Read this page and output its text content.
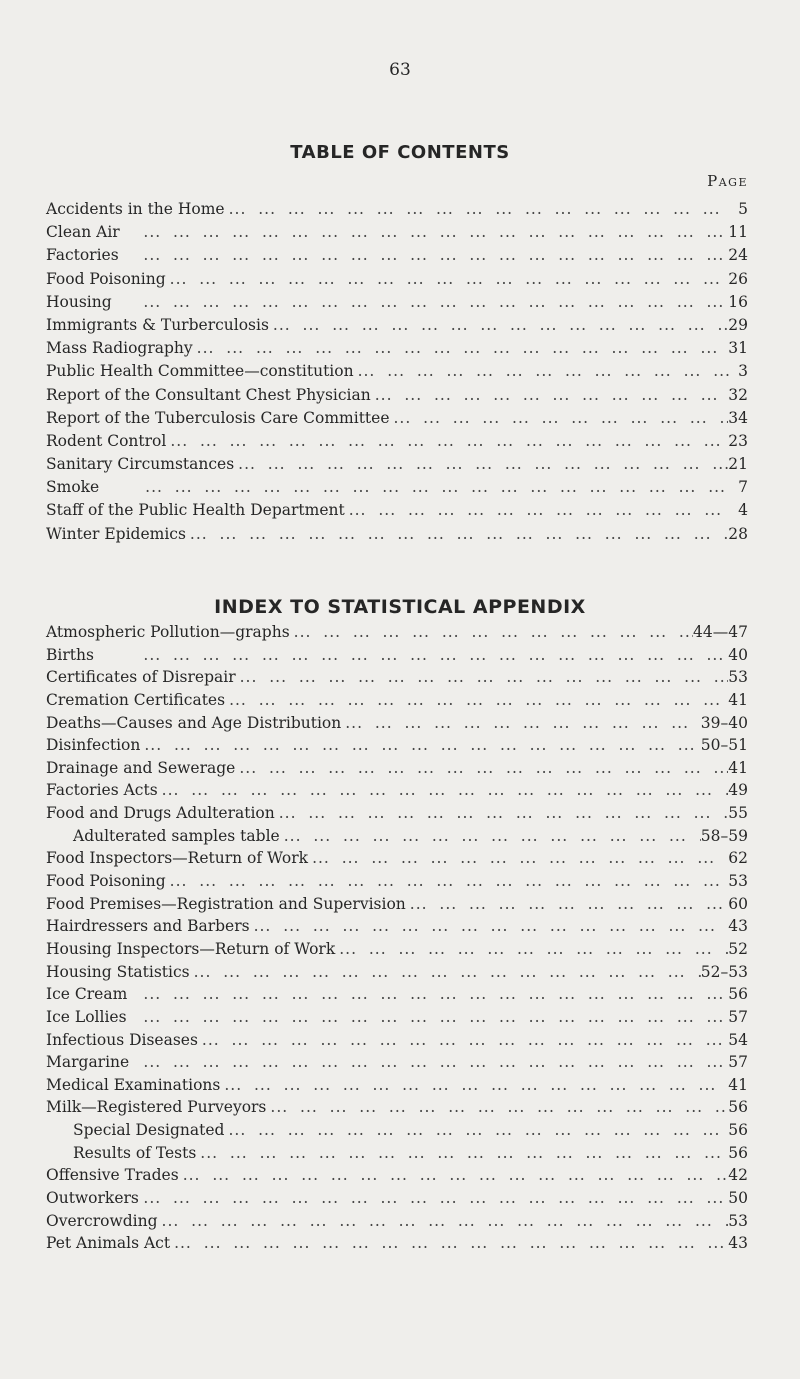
63
TABLE OF CONTENTS
Page
Accidents in the Home ...	5
Clean Air ...	11
Factories ...	24
Food Poisoning ...	26
Housing ...	16
Immigrants & Turberculosis ...	29
Mass Radiography ...	31
Public Health Committee—constitution ...	3
Report of the Consultant Chest Physician ...	32
Report of the Tuberculosis Care Committee ...	34
Rodent Control ...	23
Sanitary Circumstances ...	21
Smoke ...	7
Staff of the Public Health Department ...	4
Winter Epidemics ...	28
INDEX TO STATISTICAL APPENDIX
Atmospheric Pollution—graphs ...	44—47
Births ...	40
Certificates of Disrepair ...	53
Cremation Certificates ...	41
Deaths—Causes and Age Distribution ...	39–40
Disinfection ...	50–51
Drainage and Sewerage ...	41
Factories Acts ...	49
Food and Drugs Adulteration ...	55
Adulterated samples table ...	58–59
Food Inspectors—Return of Work ...	62
Food Poisoning ...	53
Food Premises—Registration and Supervision ...	60
Hairdressers and Barbers ...	43
Housing Inspectors—Return of Work ...	52
Housing Statistics ...	52–53
Ice Cream ...	56
Ice Lollies ...	57
Infectious Diseases ...	54
Margarine ...	57
Medical Examinations ...	41
Milk—Registered Purveyors ...	56
Special Designated ...	56
Results of Tests ...	56
Offensive Trades ...	42
Outworkers ...	50
Overcrowding ...	53
Pet Animals Act ...	43
